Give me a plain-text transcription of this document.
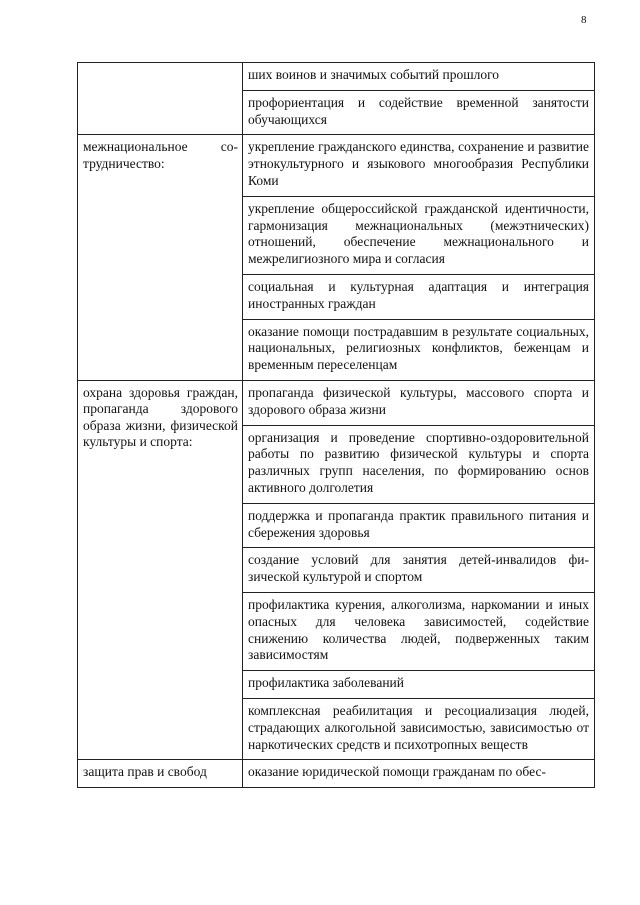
8
ших воинов и значимых событий прошлого
профориентация и содействие временной занятости обучающихся
межнациональное сотрудничество:
укрепление гражданского единства, сохранение и развитие этнокультурного и языкового многообразия Республики Коми
укрепление общероссийской гражданской идентичности, гармонизация межнациональных (межэтнических) отношений, обеспечение межнационального и межрелигиозного мира и согласия
социальная и культурная адаптация и интеграция иностранных граждан
оказание помощи пострадавшим в результате социальных, национальных, религиозных конфликтов, беженцам и временным переселенцам
охрана здоровья граждан, пропаганда здорового образа жизни, физической культуры и спорта:
пропаганда физической культуры, массового спорта и здорового образа жизни
организация и проведение спортивно-оздоровительной работы по развитию физической культуры и спорта различных групп населения, по формированию основ активного долголетия
поддержка и пропаганда практик правильного питания и сбережения здоровья
создание условий для занятия детей-инвалидов физической культурой и спортом
профилактика курения, алкоголизма, наркомании и иных опасных для человека зависимостей, содействие снижению количества людей, подверженных таким зависимостям
профилактика заболеваний
комплексная реабилитация и ресоциализация людей, страдающих алкогольной зависимостью, зависимостью от наркотических средств и психотропных веществ
защита прав и свобод	оказание юридической помощи гражданам по обес-
